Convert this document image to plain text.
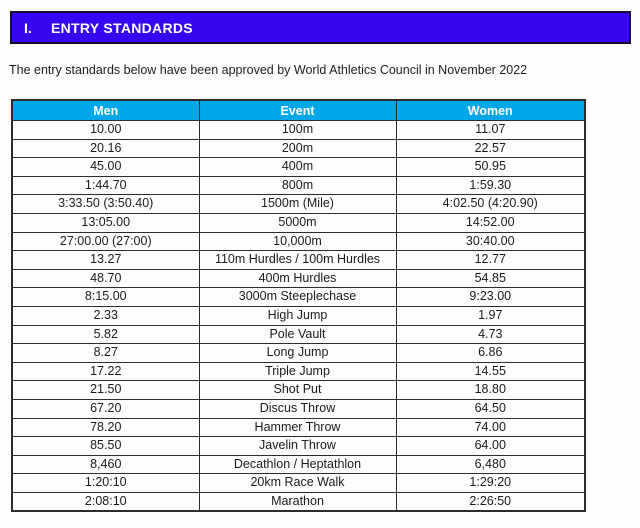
I.	ENTRY STANDARDS
The entry standards below have been approved by World Athletics Council in November 2022
Men	Event	Women
10.00	100m	11.07
20.16	200m	22.57
45.00	400m	50.95
1:44.70	800m	1:59.30
3:33.50 (3:50.40)	1500m (Mile)	4:02.50 (4:20.90)
13:05.00	5000m	14:52.00
27:00.00 (27:00)	10,000m	30:40.00
13.27	110m Hurdles / 100m Hurdles	12.77
48.70	400m Hurdles	54.85
8:15.00	3000m Steeplechase	9:23.00
2.33	High Jump	1.97
5.82	Pole Vault	4.73
8.27	Long Jump	6.86
17.22	Triple Jump	14.55
21.50	Shot Put	18.80
67.20	Discus Throw	64.50
78.20	Hammer Throw	74.00
85.50	Javelin Throw	64.00
8,460	Decathlon / Heptathlon	6,480
1:20:10	20km Race Walk	1:29:20
2:08:10	Marathon	2:26:50
